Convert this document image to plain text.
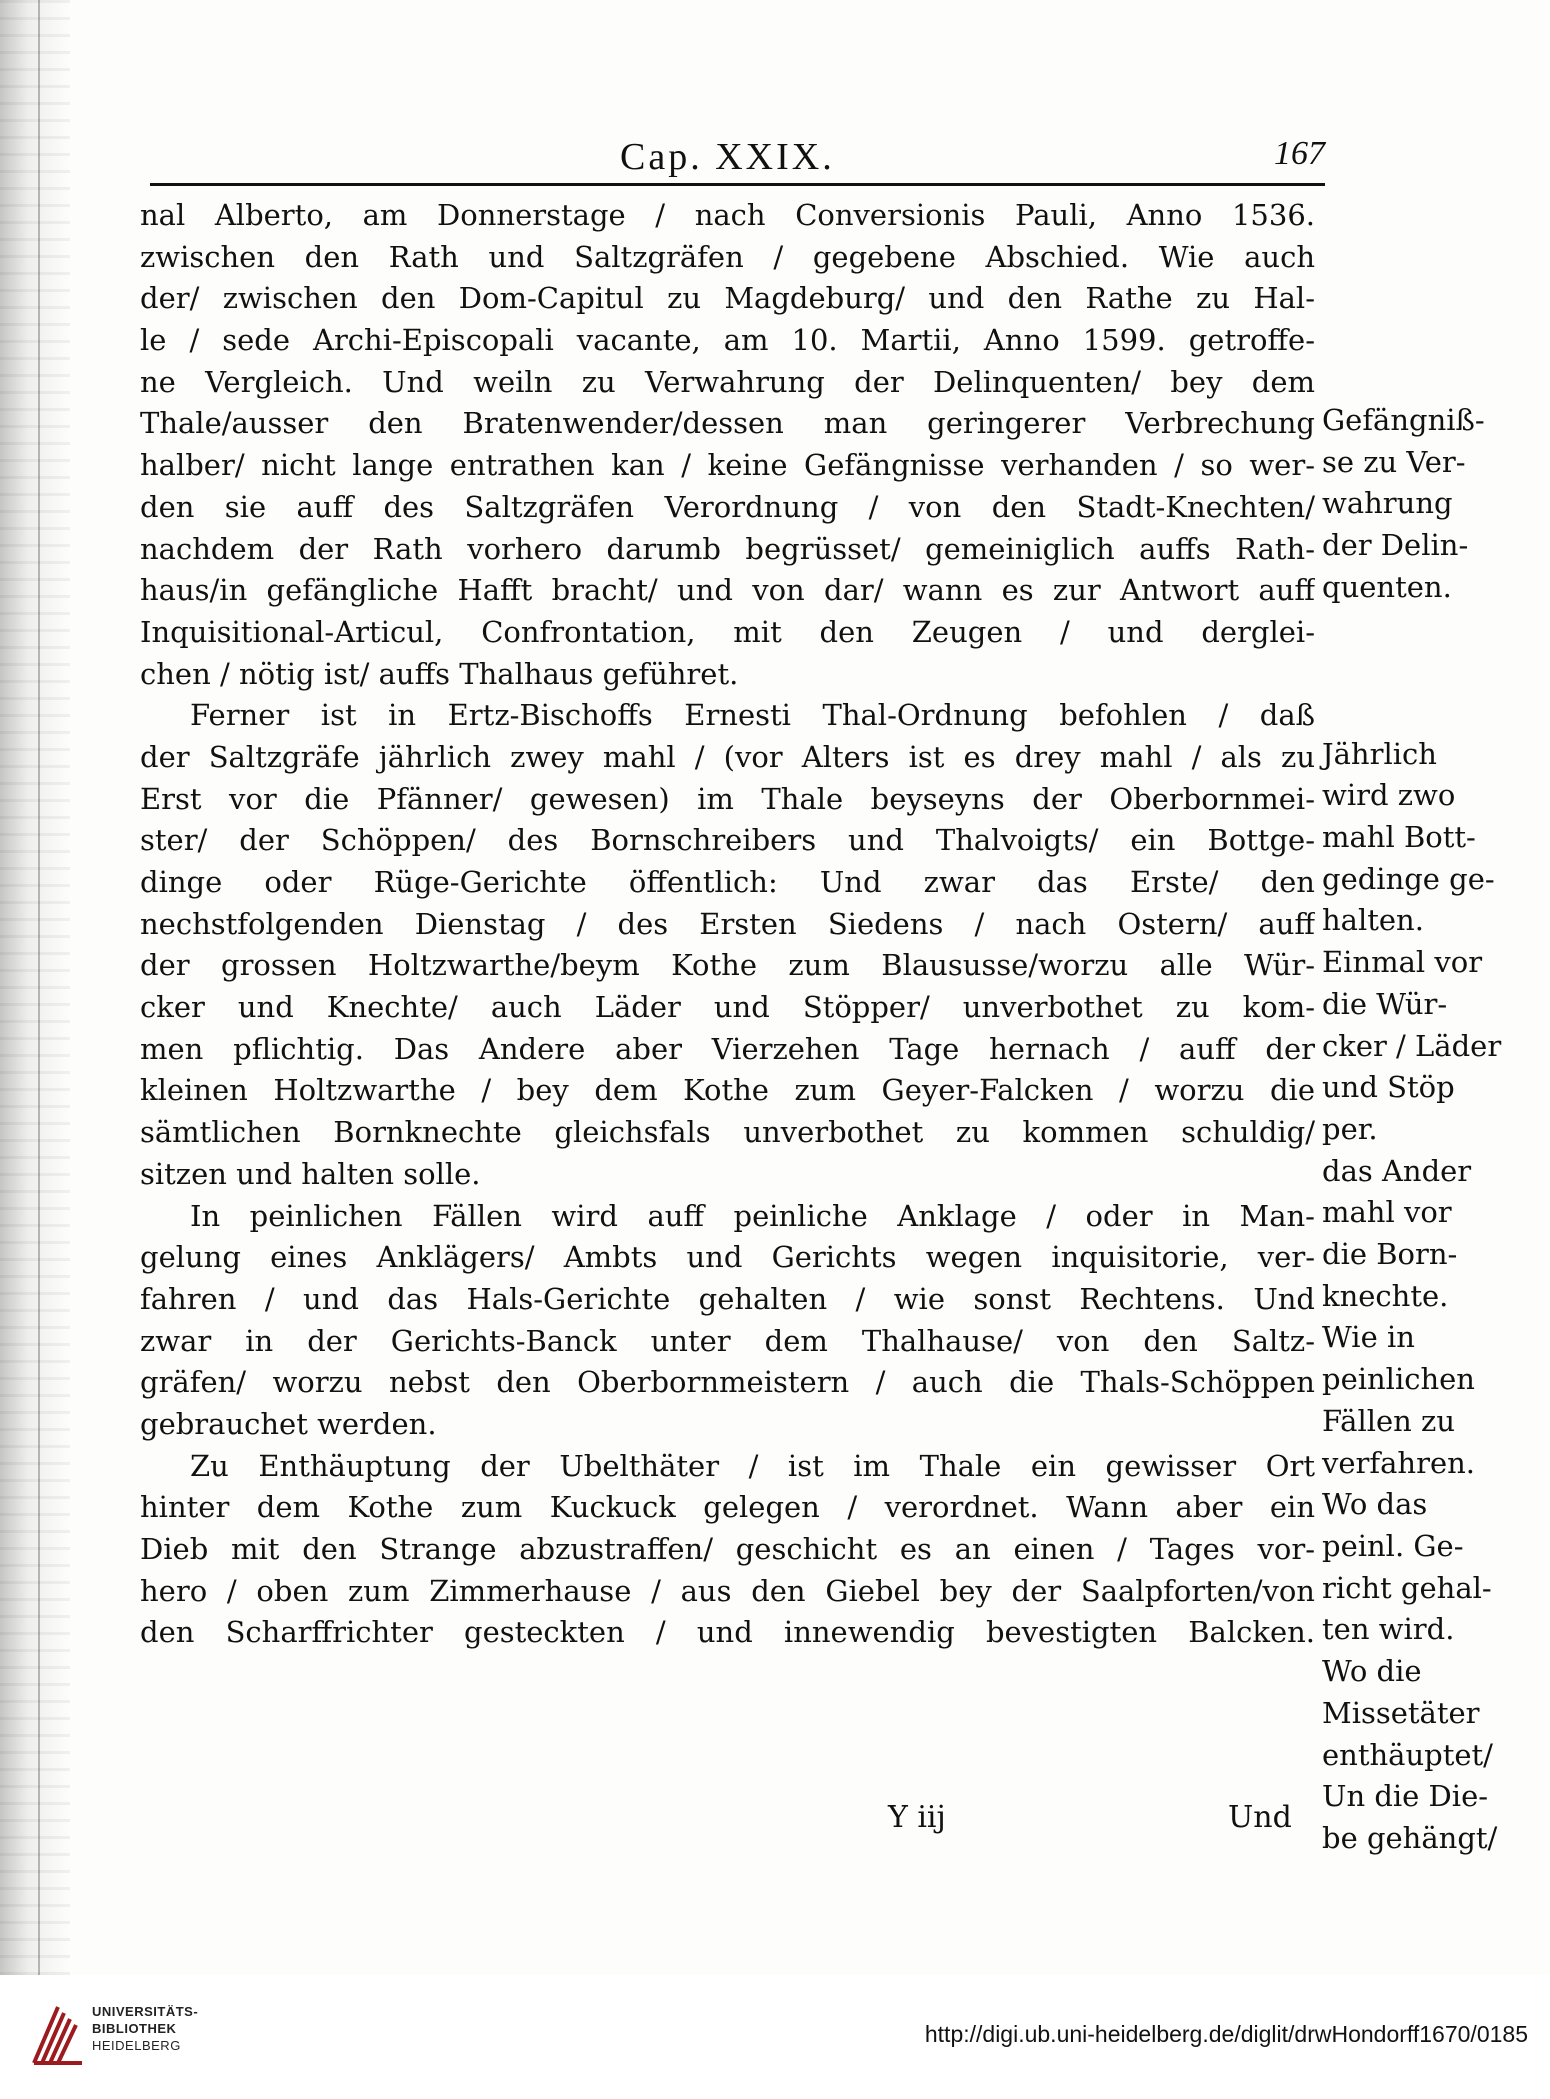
Cap. XXIX.	167
nal Alberto, am Donnerstage / nach Conversionis Pauli, Anno 1536.
zwischen den Rath und Saltzgräfen / gegebene Abschied. Wie auch
der/ zwischen den Dom-Capitul zu Magdeburg/ und den Rathe zu Hal-
le / sede Archi-Episcopali vacante, am 10. Martii, Anno 1599. getroffe-
ne Vergleich. Und weiln zu Verwahrung der Delinquenten/ bey dem
Thale/ausser den Bratenwender/dessen man geringerer Verbrechung
halber/ nicht lange entrathen kan / keine Gefängnisse verhanden / so wer-
den sie auff des Saltzgräfen Verordnung / von den Stadt-Knechten/
nachdem der Rath vorhero darumb begrüsset/ gemeiniglich auffs Rath-
haus/in gefängliche Hafft bracht/ und von dar/ wann es zur Antwort auff
Inquisitional-Articul, Confrontation, mit den Zeugen / und derglei-
chen / nötig ist/ auffs Thalhaus geführet.
Ferner ist in Ertz-Bischoffs Ernesti Thal-Ordnung befohlen / daß
der Saltzgräfe jährlich zwey mahl / (vor Alters ist es drey mahl / als zu
Erst vor die Pfänner/ gewesen) im Thale beyseyns der Oberbornmei-
ster/ der Schöppen/ des Bornschreibers und Thalvoigts/ ein Bottge-
dinge oder Rüge-Gerichte öffentlich: Und zwar das Erste/ den
nechstfolgenden Dienstag / des Ersten Siedens / nach Ostern/ auff
der grossen Holtzwarthe/beym Kothe zum Blaususse/worzu alle Wür-
cker und Knechte/ auch Läder und Stöpper/ unverbothet zu kom-
men pflichtig. Das Andere aber Vierzehen Tage hernach / auff der
kleinen Holtzwarthe / bey dem Kothe zum Geyer-Falcken / worzu die
sämtlichen Bornknechte gleichsfals unverbothet zu kommen schuldig/
sitzen und halten solle.
In peinlichen Fällen wird auff peinliche Anklage / oder in Man-
gelung eines Anklägers/ Ambts und Gerichts wegen inquisitorie, ver-
fahren / und das Hals-Gerichte gehalten / wie sonst Rechtens. Und
zwar in der Gerichts-Banck unter dem Thalhause/ von den Saltz-
gräfen/ worzu nebst den Oberbornmeistern / auch die Thals-Schöppen
gebrauchet werden.
Zu Enthäuptung der Ubelthäter / ist im Thale ein gewisser Ort
hinter dem Kothe zum Kuckuck gelegen / verordnet. Wann aber ein
Dieb mit den Strange abzustraffen/ geschicht es an einen / Tages vor-
hero / oben zum Zimmerhause / aus den Giebel bey der Saalpforten/von
den Scharffrichter gesteckten / und innewendig bevestigten Balcken.
Y iij	Und

Gefängniß-
se zu Ver-
wahrung
der Delin-
quenten.

Jährlich
wird zwo
mahl Bott-
gedinge ge-
halten.
Einmal vor
die Wür-
cker / Läder
und Stöp
per.
das Ander
mahl vor
die Born-
knechte.
Wie in
peinlichen
Fällen zu
verfahren.
Wo das
peinl. Ge-
richt gehal-
ten wird.
Wo die
Missetäter
enthäuptet/
Un die Die-
be gehängt/

UNIVERSITÄTS-
BIBLIOTHEK
HEIDELBERG	http://digi.ub.uni-heidelberg.de/diglit/drwHondorff1670/0185
